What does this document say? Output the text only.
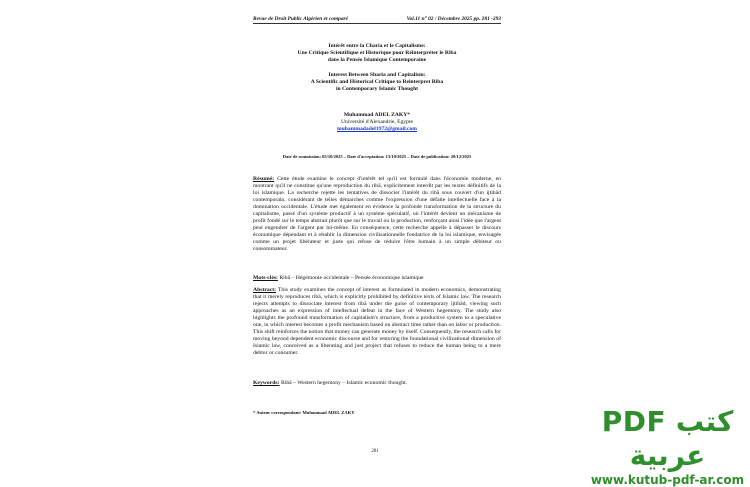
Revue de Droit Public Algérien et comparé	Vol.11 n° 02 / Décembre 2025 pp. 281 -293
Intérêt entre la Charia et le Capitalisme:
Une Critique Scientifique et Historique pour Réinterpréter le Riba
dans la Pensée Islamique Contemporaine
Interest Between Sharia and Capitalism:
A Scientific and Historical Critique to Reinterpret Riba
in Contemporary Islamic Thought
Muhammad ADEL ZAKY*
Université d'Alexandrie, Egypte
muhammadadel1972@gmail.com
Date de soumission: 05/10/2025 – Date d'acceptation: 13/10/2025 – Date de publication: 20/12/2025
Résumé: Cette étude examine le concept d'intérêt tel qu'il est formulé dans l'économie moderne, en montrant qu'il ne constitue qu'une reproduction du ribā, explicitement interdit par les textes définitifs de la loi islamique. La recherche rejette les tentatives de dissocier l'intérêt du ribā sous couvert d'un ijtihād contemporain, considérant de telles démarches comme l'expression d'une défaite intellectuelle face à la domination occidentale. L'étude met également en évidence la profonde transformation de la structure du capitalisme, passé d'un système productif à un système spéculatif, où l'intérêt devient un mécanisme de profit fondé sur le temps abstrait plutôt que sur le travail ou la production, renforçant ainsi l'idée que l'argent peut engendrer de l'argent par lui-même. En conséquence, cette recherche appelle à dépasser le discours économique dépendant et à rétablir la dimension civilisationnelle fondatrice de la loi islamique, envisagée comme un projet libérateur et juste qui refuse de réduire l'être humain à un simple débiteur ou consommateur.
Mots-clés: Ribā – Hégémonie occidentale – Pensée économique islamique
Abstract: This study examines the concept of interest as formulated in modern economics, demonstrating that it merely reproduces ribā, which is explicitly prohibited by definitive texts of Islamic law. The research rejects attempts to dissociate interest from ribā under the guise of contemporary ijtihād, viewing such approaches as an expression of intellectual defeat in the face of Western hegemony. The study also highlights the profound transformation of capitalism's structure, from a productive system to a speculative one, in which interest becomes a profit mechanism based on abstract time rather than on labor or production. This shift reinforces the notion that money can generate money by itself. Consequently, the research calls for moving beyond dependent economic discourse and for restoring the foundational civilizational dimension of Islamic law, conceived as a liberating and just project that refuses to reduce the human being to a mere debtor or consumer.
Keywords: Ribā – Western hegemony – Islamic economic thought.
* Auteur correspondant: Muhammad ADEL ZAKY
281
كتب PDF عربية
www.kutub-pdf-ar.com
